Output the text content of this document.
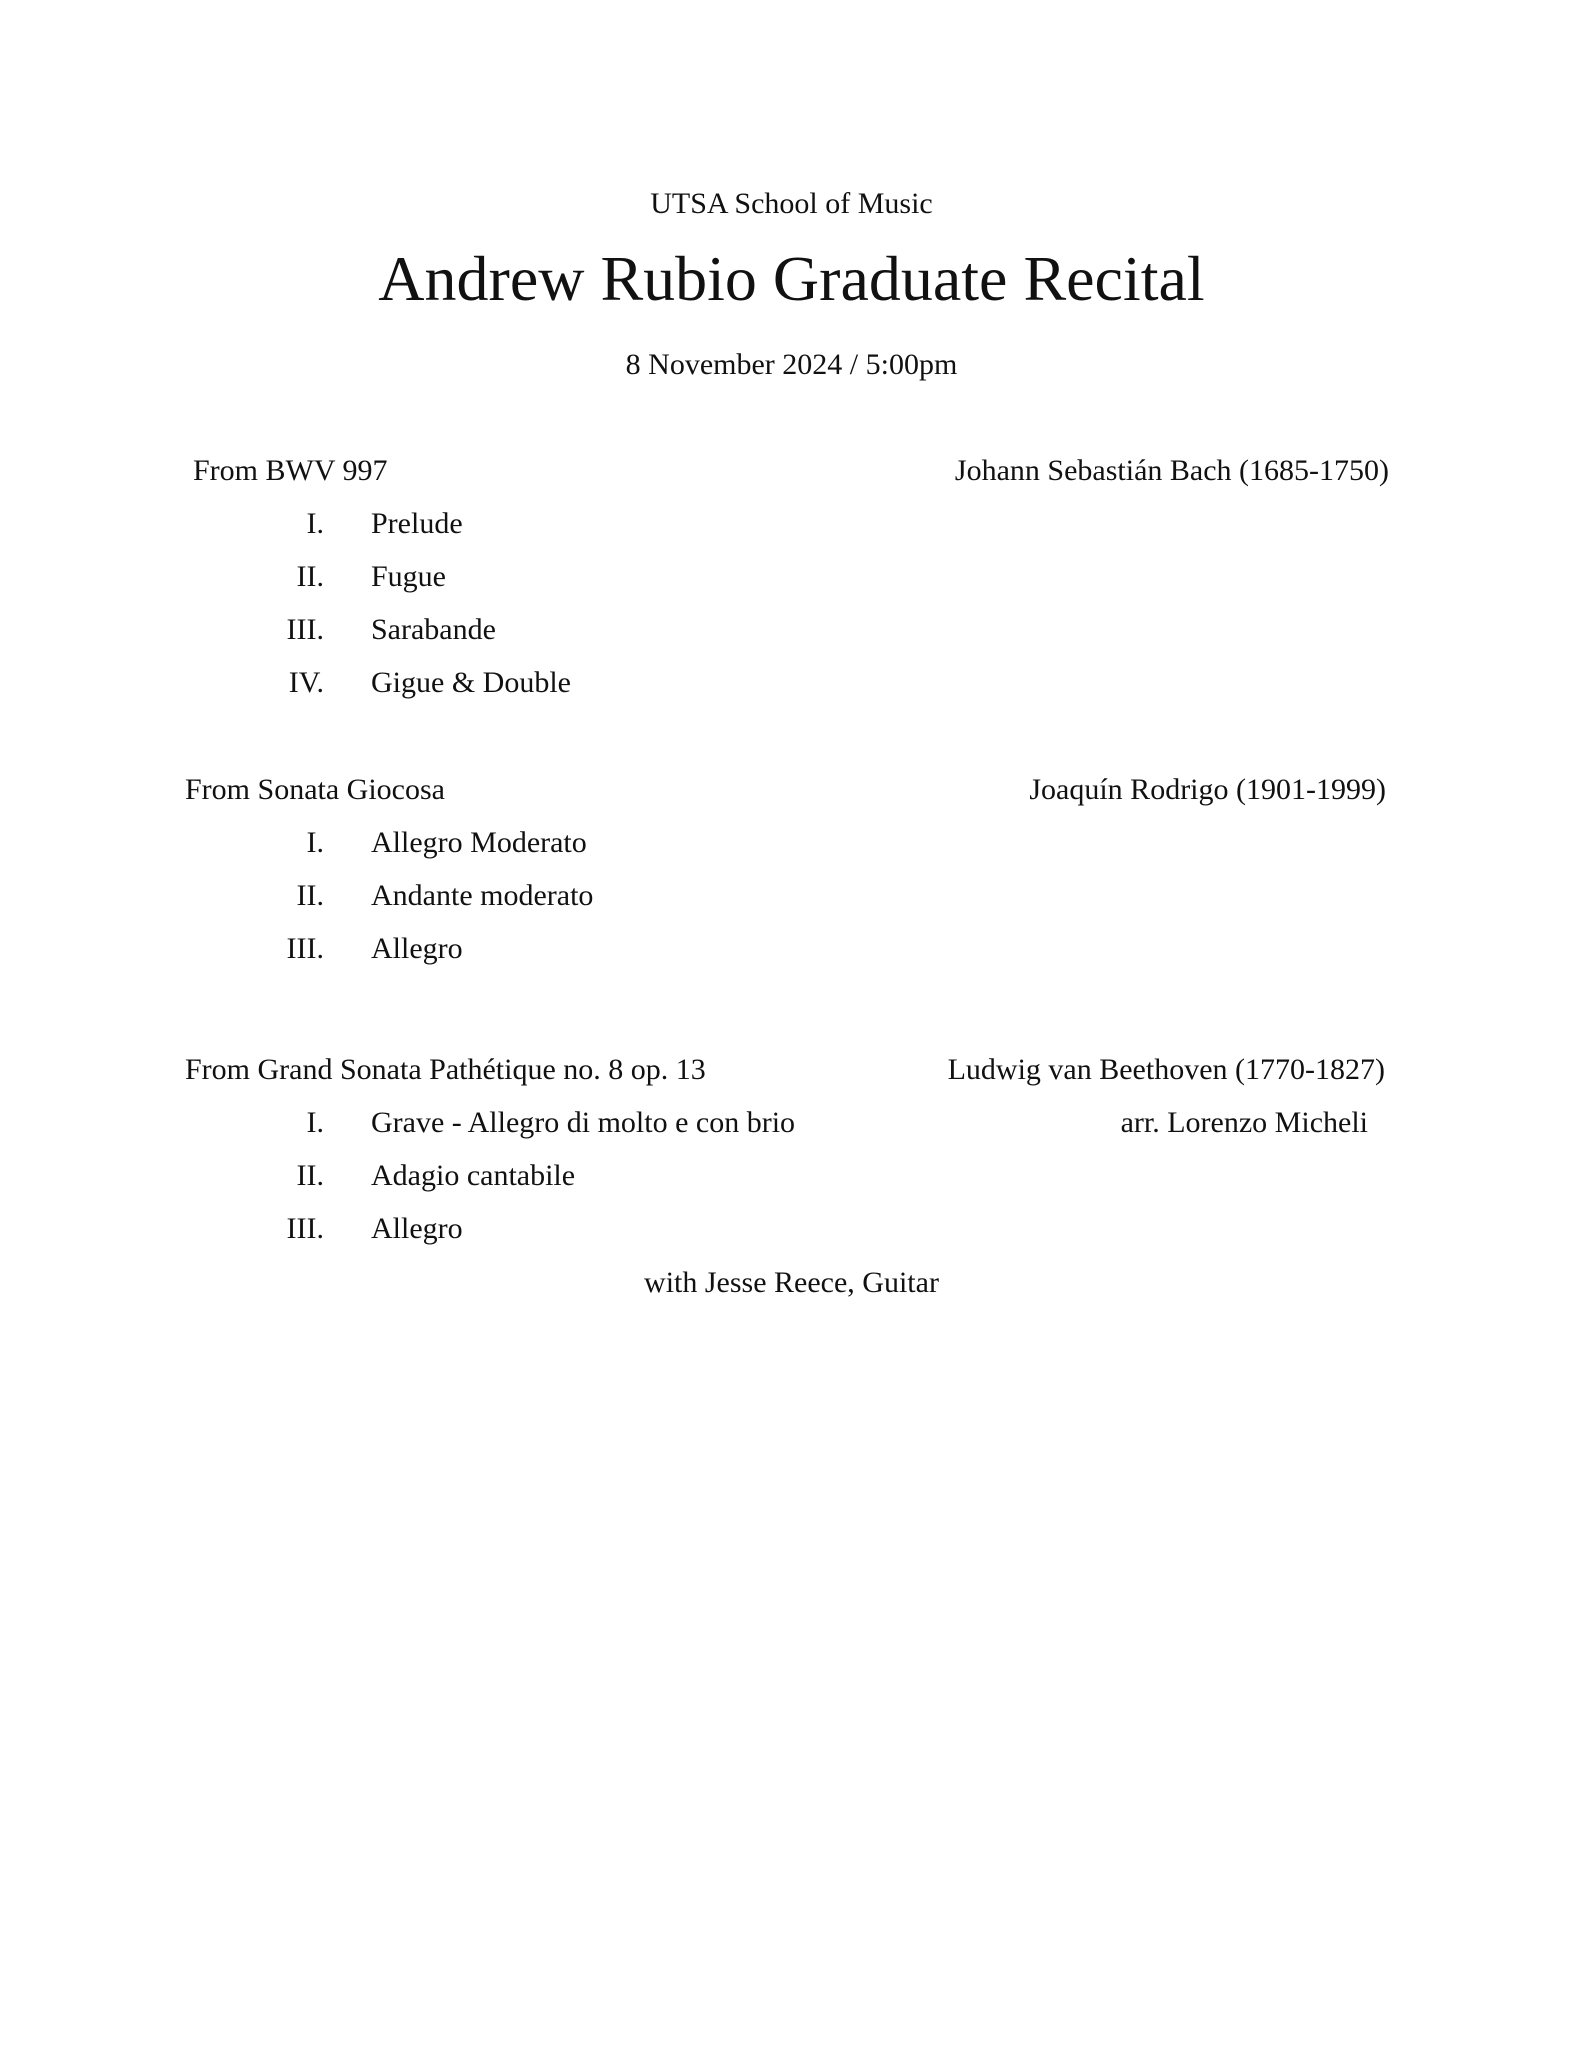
UTSA School of Music
Andrew Rubio Graduate Recital
8 November 2024 / 5:00pm
From BWV 997	Johann Sebastián Bach (1685-1750)
I. Prelude
II. Fugue
III. Sarabande
IV. Gigue & Double
From Sonata Giocosa	Joaquín Rodrigo (1901-1999)
I. Allegro Moderato
II. Andante moderato
III. Allegro
From Grand Sonata Pathétique no. 8 op. 13	Ludwig van Beethoven (1770-1827)
I. Grave - Allegro di molto e con brio	arr. Lorenzo Micheli
II. Adagio cantabile
III. Allegro
with Jesse Reece, Guitar
